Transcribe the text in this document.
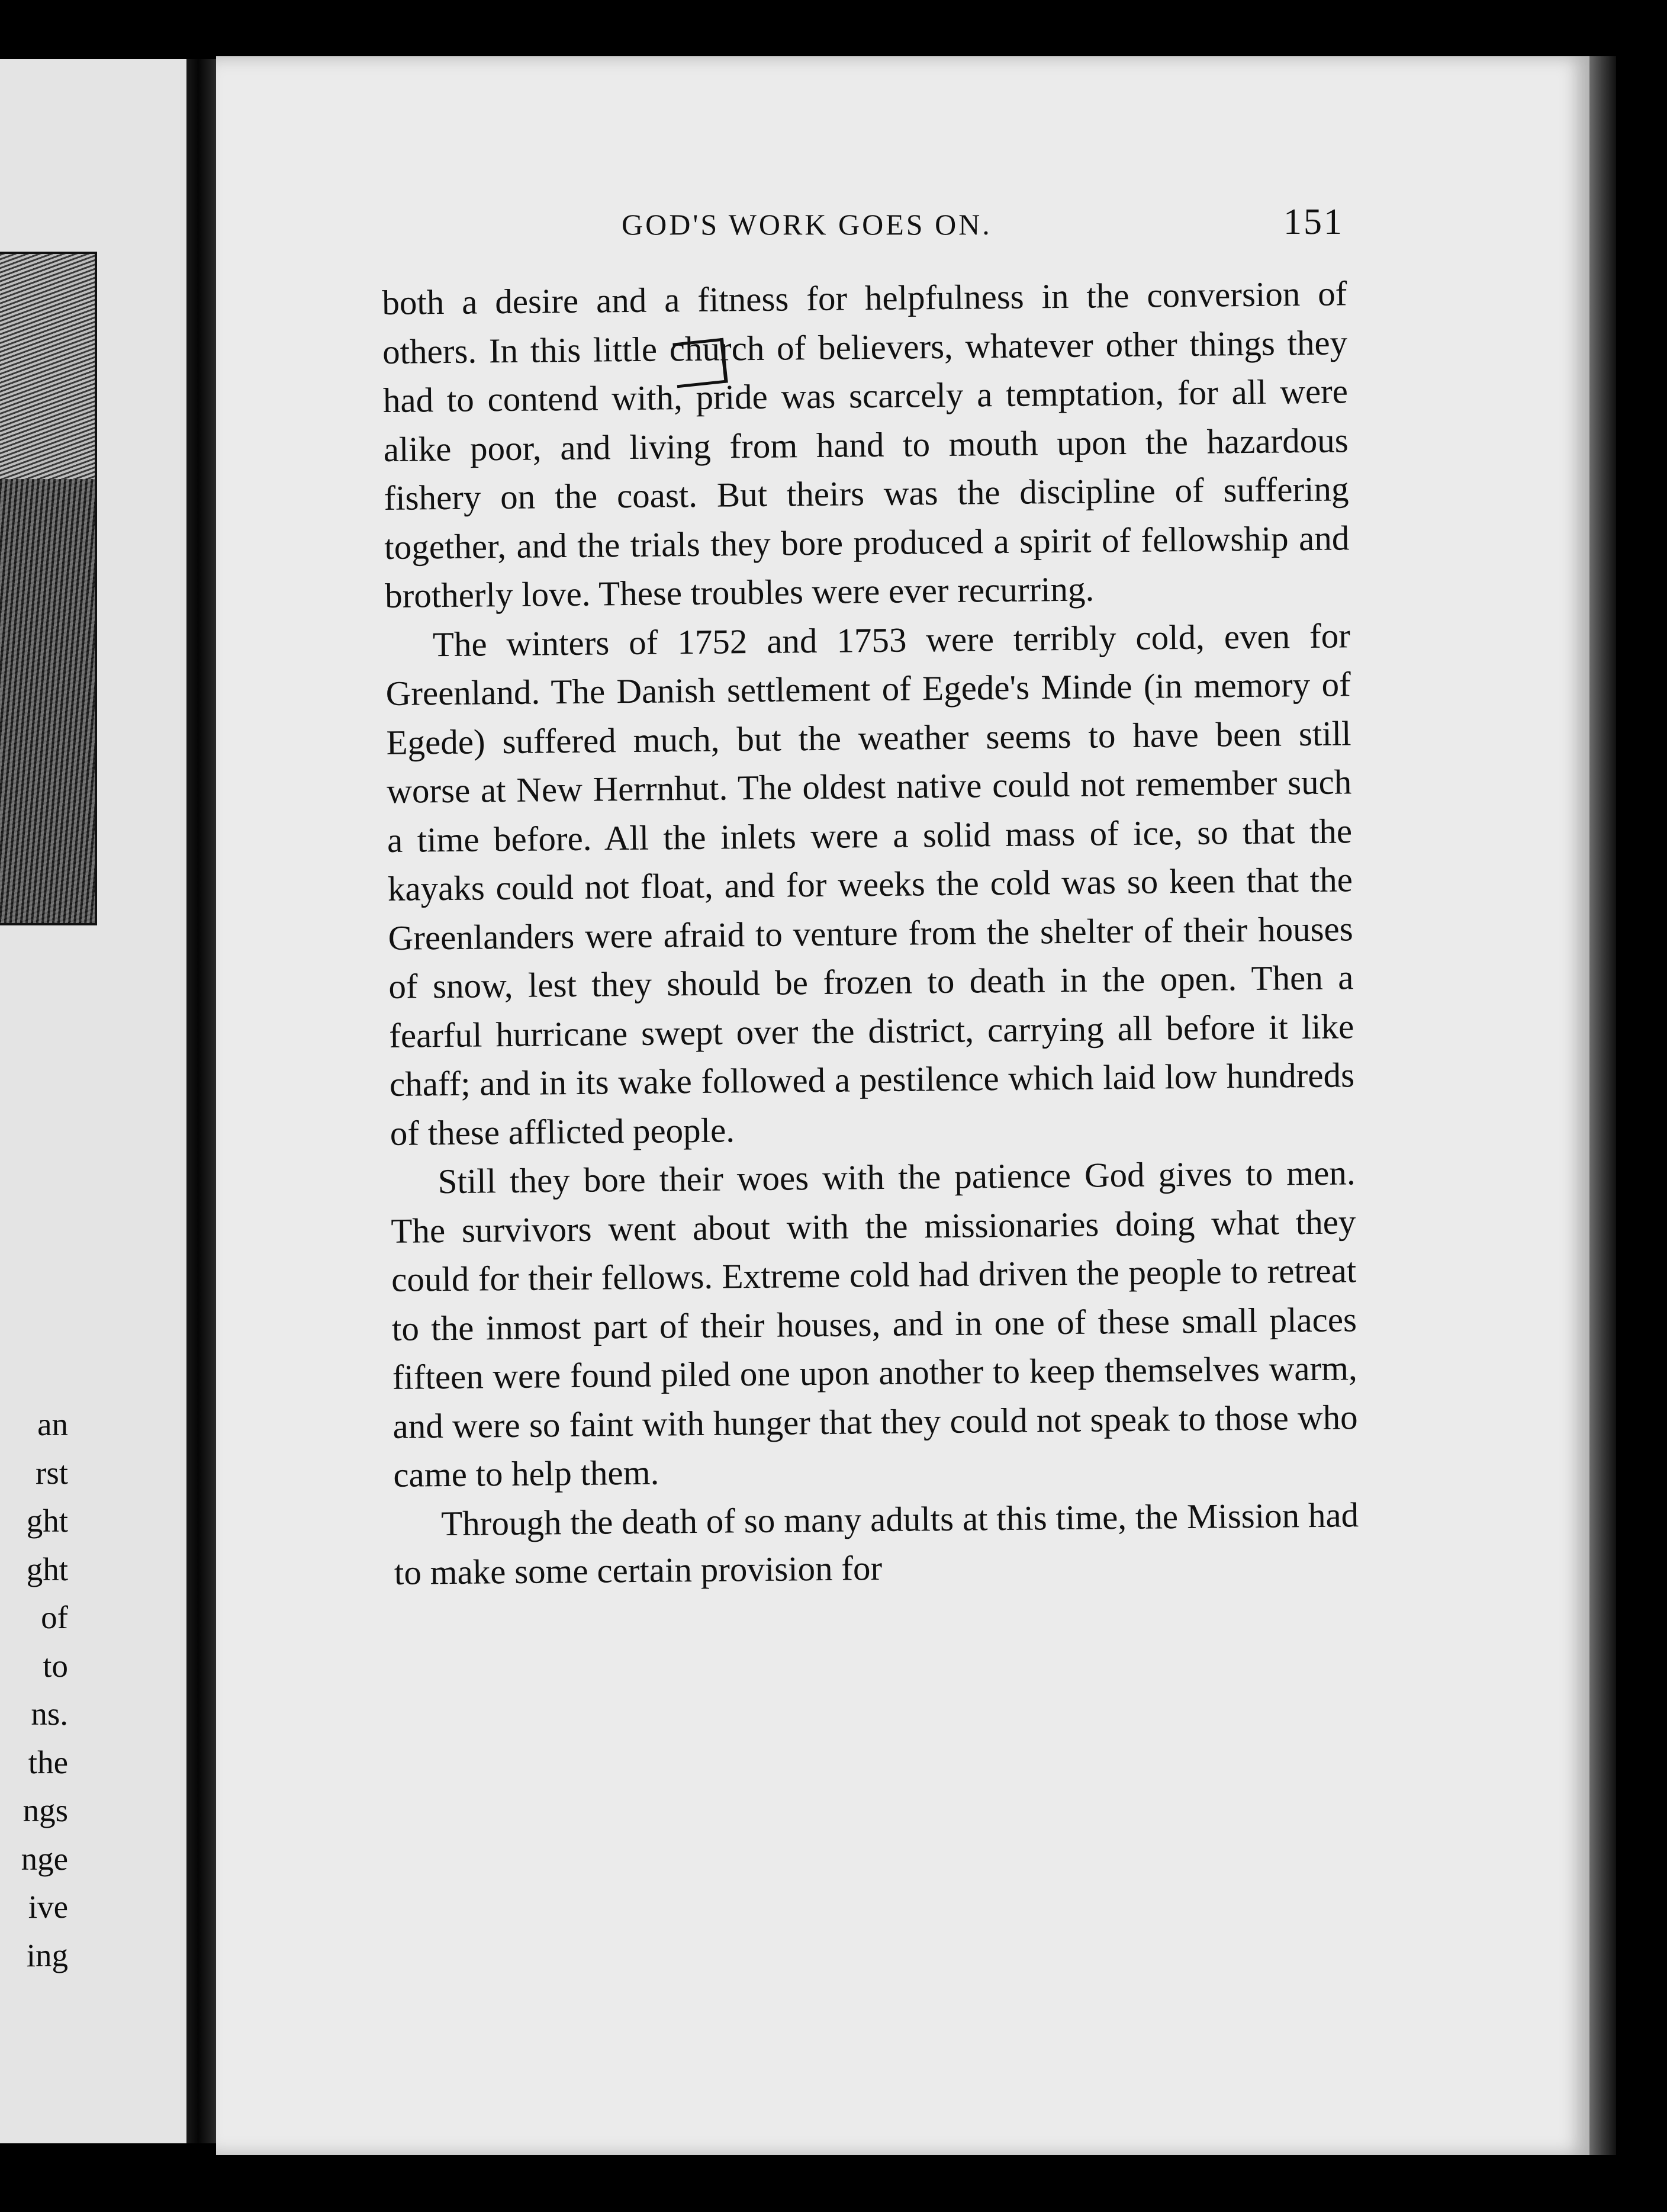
an
rst
ght
ght
of
to
ns.
the
ngs
nge
ive
ing
GOD'S WORK GOES ON.	151

both a desire and a fitness for helpfulness in the conversion of others. In this little church of believers, whatever other things they had to contend with, pride was scarcely a temptation, for all were alike poor, and living from hand to mouth upon the hazardous fishery on the coast. But theirs was the discipline of suffering together, and the trials they bore produced a spirit of fellowship and brotherly love. These troubles were ever recurring.

The winters of 1752 and 1753 were terribly cold, even for Greenland. The Danish settlement of Egede's Minde (in memory of Egede) suffered much, but the weather seems to have been still worse at New Herrnhut. The oldest native could not remember such a time before. All the inlets were a solid mass of ice, so that the kayaks could not float, and for weeks the cold was so keen that the Greenlanders were afraid to venture from the shelter of their houses of snow, lest they should be frozen to death in the open. Then a fearful hurricane swept over the district, carrying all before it like chaff; and in its wake followed a pestilence which laid low hundreds of these afflicted people.

Still they bore their woes with the patience God gives to men. The survivors went about with the missionaries doing what they could for their fellows. Extreme cold had driven the people to retreat to the inmost part of their houses, and in one of these small places fifteen were found piled one upon another to keep themselves warm, and were so faint with hunger that they could not speak to those who came to help them.

Through the death of so many adults at this time, the Mission had to make some certain provision for
